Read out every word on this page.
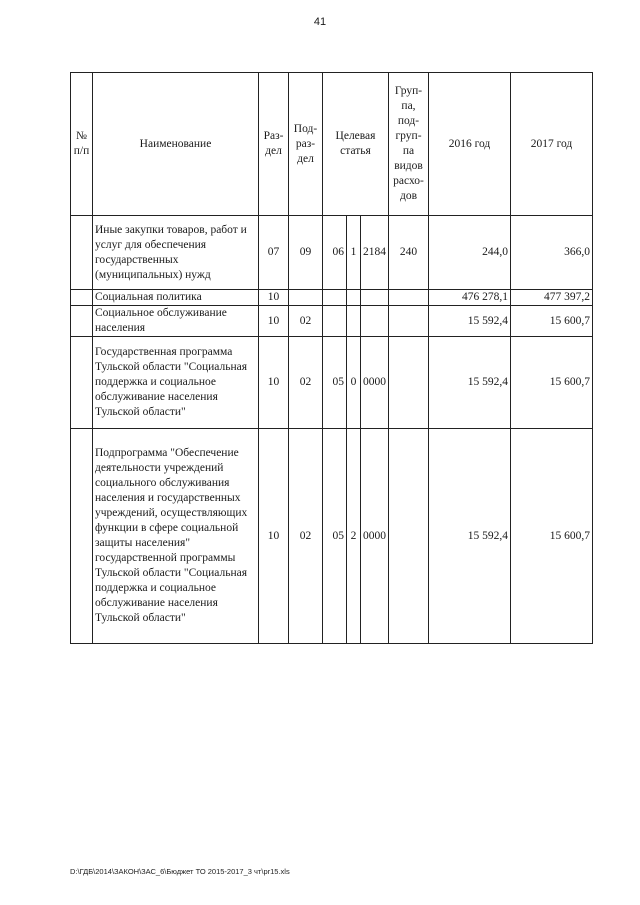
41
№ п/п	Наименование	Раз-дел	Под-раз-дел	Целевая статья			Груп-па, под-груп-па видов расхо-дов	2016 год	2017 год
	Иные закупки товаров, работ и услуг для обеспечения государственных (муниципальных) нужд	07	09	06	1	2184	240	244,0	366,0
	Социальная политика	10						476 278,1	477 397,2
	Социальное обслуживание населения	10	02					15 592,4	15 600,7
	Государственная программа Тульской области "Социальная поддержка и социальное обслуживание населения Тульской области"	10	02	05	0	0000		15 592,4	15 600,7
	Подпрограмма "Обеспечение деятельности учреждений социального обслуживания населения и государственных учреждений, осуществляющих функции в сфере социальной защиты населения" государственной программы Тульской области "Социальная поддержка и социальное обслуживание населения Тульской области"	10	02	05	2	0000		15 592,4	15 600,7
D:\ГДБ\2014\ЗАКОН\ЗАС_6\Бюджет ТО 2015-2017_3 чт\pr15.xls
